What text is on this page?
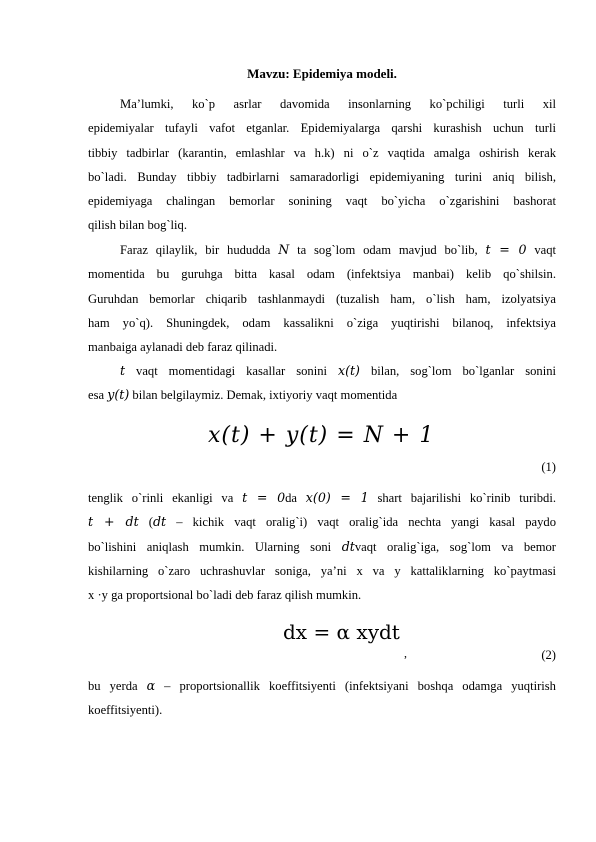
Mavzu: Epidemiya modeli.
Ma’lumki, ko`p asrlar davomida insonlarning ko`pchiligi turli xil
epidemiyalar tufayli vafot etganlar. Epidemiyalarga qarshi kurashish uchun turli
tibbiy tadbirlar (karantin, emlashlar va h.k) ni o`z vaqtida amalga oshirish kerak
bo`ladi. Bunday tibbiy tadbirlarni samaradorligi epidemiyaning turini aniq bilish,
epidemiyaga chalingan bemorlar sonining vaqt bo`yicha o`zgarishini bashorat
qilish bilan bog`liq.
Faraz qilaylik, bir hududda N ta sog`lom odam mavjud bo`lib, t = 0 vaqt
momentida bu guruhga bitta kasal odam (infektsiya manbai) kelib qo`shilsin.
Guruhdan bemorlar chiqarib tashlanmaydi (tuzalish ham, o`lish ham, izolyatsiya
ham yo`q). Shuningdek, odam kassalikni o`ziga yuqtirishi bilanoq, infektsiya
manbaiga aylanadi deb faraz qilinadi.
t vaqt momentidagi kasallar sonini x(t) bilan, sog`lom bo`lganlar sonini
esa y(t) bilan belgilaymiz. Demak, ixtiyoriy vaqt momentida
x(t) + y(t) = N + 1
(1)
tenglik o`rinli ekanligi va t = 0da x(0) = 1 shart bajarilishi ko`rinib turibdi.
t + dt (dt – kichik vaqt oralig`i) vaqt oralig`ida nechta yangi kasal paydo
bo`lishini aniqlash mumkin. Ularning soni dtvaqt oralig`iga, sog`lom va bemor
kishilarning o`zaro uchrashuvlar soniga, ya’ni x va y kattaliklarning ko`paytmasi
x ·y ga proportsional bo`ladi deb faraz qilish mumkin.
dx = α xydt
,	(2)
bu yerda α – proportsionallik koeffitsiyenti (infektsiyani boshqa odamga yuqtirish
koeffitsiyenti).
